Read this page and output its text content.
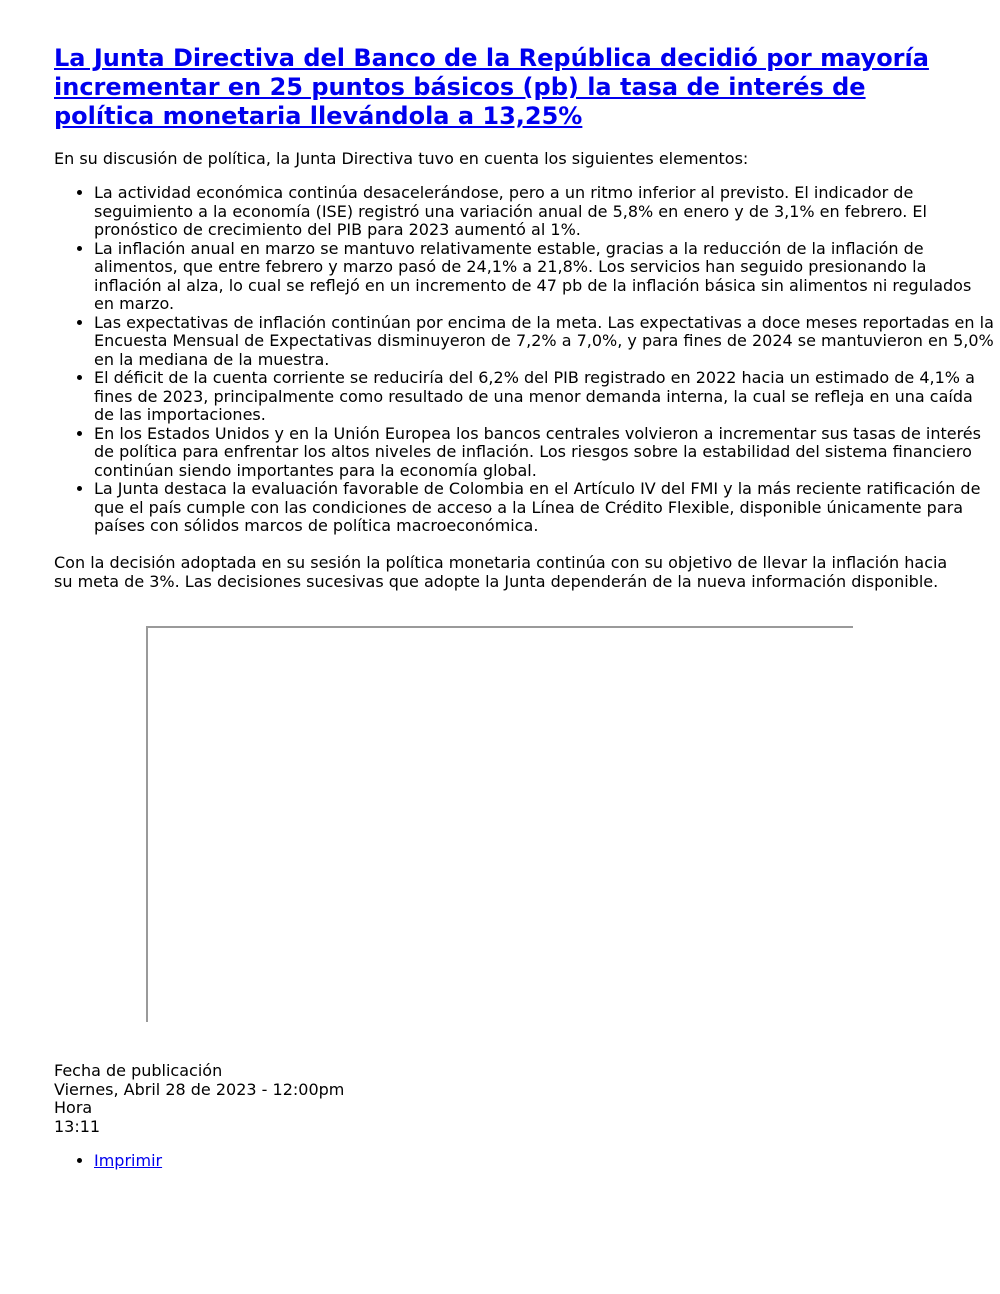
La Junta Directiva del Banco de la República decidió por mayoría incrementar en 25 puntos básicos (pb) la tasa de interés de política monetaria llevándola a 13,25%

En su discusión de política, la Junta Directiva tuvo en cuenta los siguientes elementos:

• La actividad económica continúa desacelerándose, pero a un ritmo inferior al previsto. El indicador de seguimiento a la economía (ISE) registró una variación anual de 5,8% en enero y de 3,1% en febrero. El pronóstico de crecimiento del PIB para 2023 aumentó al 1%.
• La inflación anual en marzo se mantuvo relativamente estable, gracias a la reducción de la inflación de alimentos, que entre febrero y marzo pasó de 24,1% a 21,8%. Los servicios han seguido presionando la inflación al alza, lo cual se reflejó en un incremento de 47 pb de la inflación básica sin alimentos ni regulados en marzo.
• Las expectativas de inflación continúan por encima de la meta. Las expectativas a doce meses reportadas en la Encuesta Mensual de Expectativas disminuyeron de 7,2% a 7,0%, y para fines de 2024 se mantuvieron en 5,0% en la mediana de la muestra.
• El déficit de la cuenta corriente se reduciría del 6,2% del PIB registrado en 2022 hacia un estimado de 4,1% a fines de 2023, principalmente como resultado de una menor demanda interna, la cual se refleja en una caída de las importaciones.
• En los Estados Unidos y en la Unión Europea los bancos centrales volvieron a incrementar sus tasas de interés de política para enfrentar los altos niveles de inflación. Los riesgos sobre la estabilidad del sistema financiero continúan siendo importantes para la economía global.
• La Junta destaca la evaluación favorable de Colombia en el Artículo IV del FMI y la más reciente ratificación de que el país cumple con las condiciones de acceso a la Línea de Crédito Flexible, disponible únicamente para países con sólidos marcos de política macroeconómica.

Con la decisión adoptada en su sesión la política monetaria continúa con su objetivo de llevar la inflación hacia su meta de 3%. Las decisiones sucesivas que adopte la Junta dependerán de la nueva información disponible.

Fecha de publicación
Viernes, Abril 28 de 2023 - 12:00pm
Hora
13:11
• Imprimir
